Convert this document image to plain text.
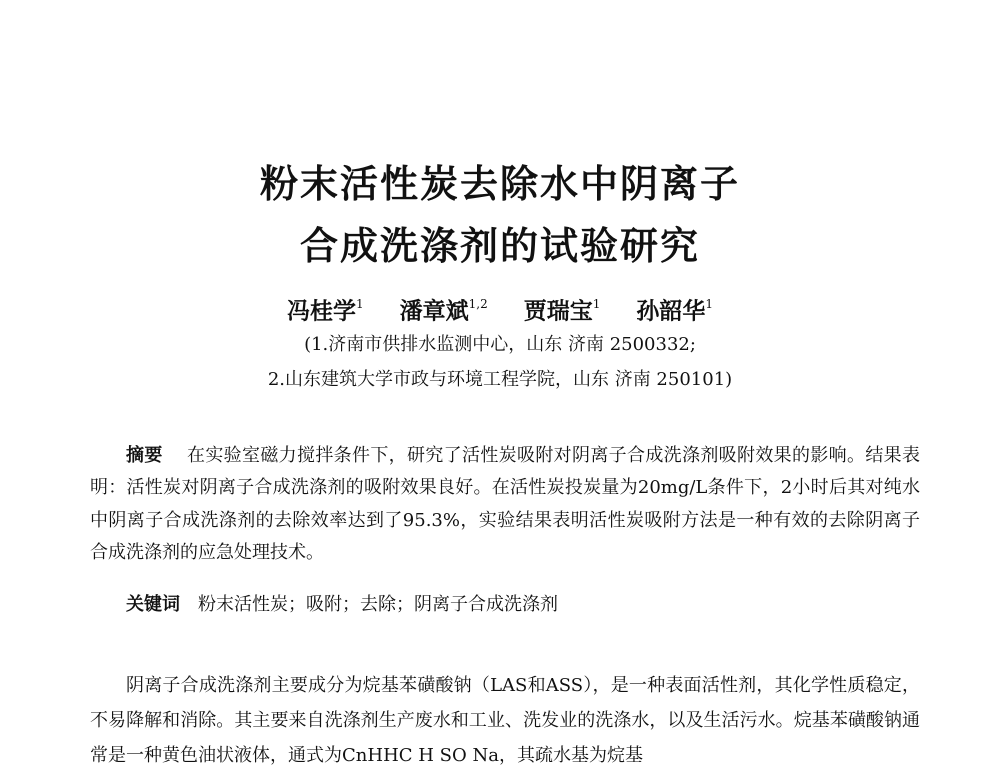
粉末活性炭去除水中阴离子
合成洗涤剂的试验研究
冯桂学$^1$ 潘章斌$^{1,2}$ 贾瑞宝$^1$ 孙韶华$^1$
(1.济南市供排水监测中心，山东 济南 2500332;
2.山东建筑大学市政与环境工程学院，山东 济南 250101)
摘要 在实验室磁力搅拌条件下，研究了活性炭吸附对阴离子合成洗涤剂吸附效果的影响。结果表明：活性炭对阴离子合成洗涤剂的吸附效果良好。在活性炭投炭量为20mg/L条件下，2小时后其对纯水中阴离子合成洗涤剂的去除效率达到了95.3%，实验结果表明活性炭吸附方法是一种有效的去除阴离子合成洗涤剂的应急处理技术。
关键词 粉末活性炭；吸附；去除；阴离子合成洗涤剂
阴离子合成洗涤剂主要成分为烷基苯磺酸钠（LAS和ASS），是一种表面活性剂，其化学性质稳定，不易降解和消除。其主要来自洗涤剂生产废水和工业、洗发业的洗涤水，以及生活污水。烷基苯磺酸钠通常是一种黄色油状液体，通式为CnHHC H SO Na，其疏水基为烷基
